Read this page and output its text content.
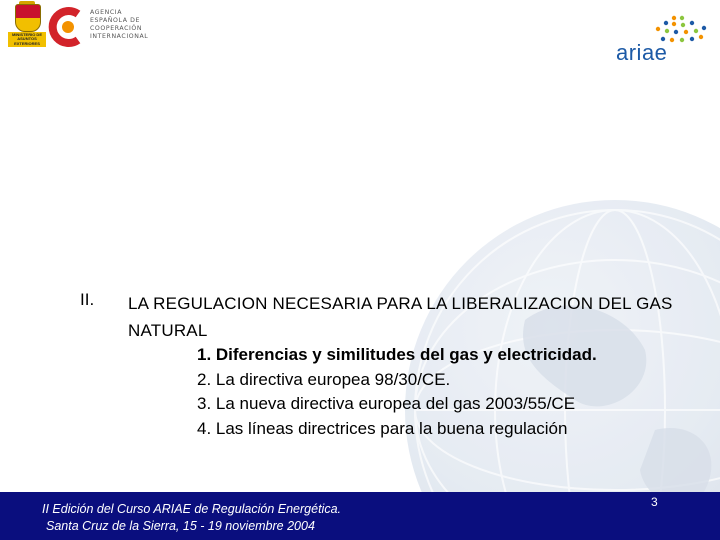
MINISTERIO DE ASUNTOS EXTERIORES
AGENCIA
ESPAÑOLA DE
COOPERACIÓN
INTERNACIONAL
ariae
II. LA REGULACION NECESARIA PARA LA LIBERALIZACION DEL GAS NATURAL
1. Diferencias y similitudes del gas y electricidad.
2. La directiva europea 98/30/CE.
3. La nueva directiva europea del gas 2003/55/CE
4. Las líneas directrices para la buena regulación
II Edición del Curso ARIAE de Regulación Energética.
Santa Cruz de la Sierra, 15 - 19 noviembre 2004
3
